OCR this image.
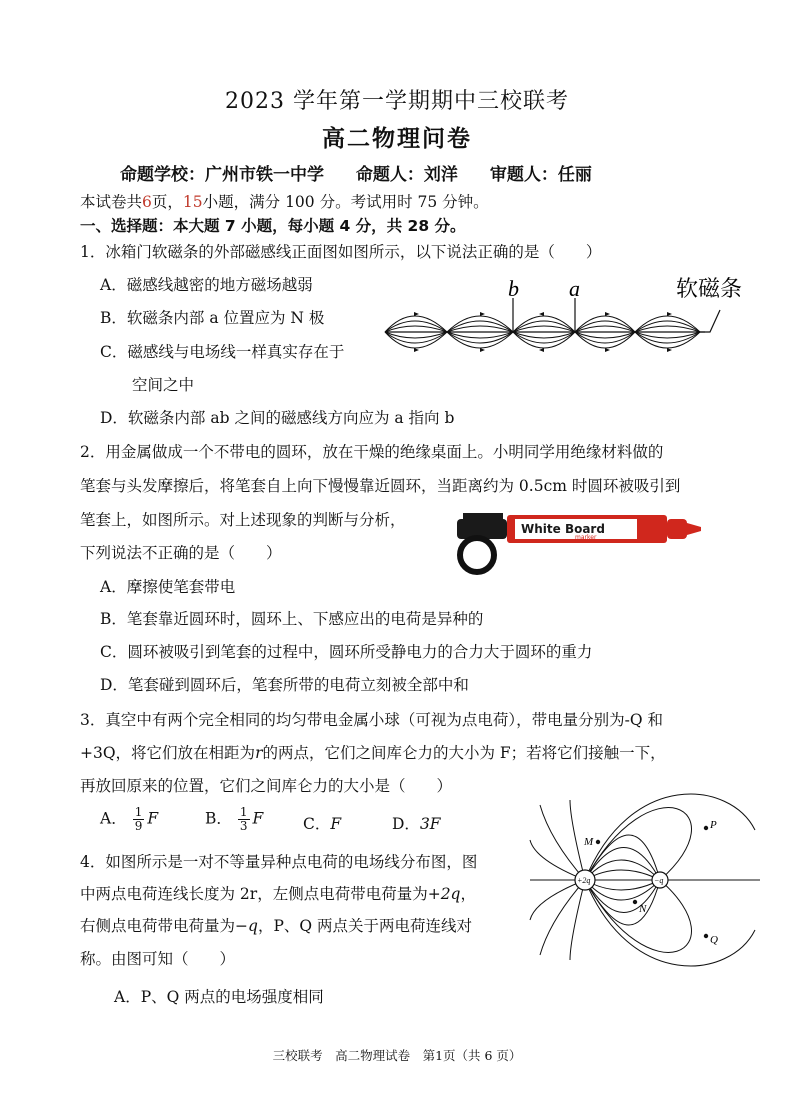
2023 学年第一学期期中三校联考
高二物理问卷
命题学校：广州市铁一中学 命题人：刘洋 审题人：任丽
本试卷共6页，15小题，满分 100 分。考试用时 75 分钟。
一、选择题：本大题 7 小题，每小题 4 分，共 28 分。
1．冰箱门软磁条的外部磁感线正面图如图所示，以下说法正确的是（　　）
A．磁感线越密的地方磁场越弱
B．软磁条内部 a 位置应为 N 极
C．磁感线与电场线一样真实存在于
空间之中
D．软磁条内部 ab 之间的磁感线方向应为 a 指向 b
b a	软磁条
2．用金属做成一个不带电的圆环，放在干燥的绝缘桌面上。小明同学用绝缘材料做的
笔套与头发摩擦后，将笔套自上向下慢慢靠近圆环，当距离约为 0.5cm 时圆环被吸引到
笔套上，如图所示。对上述现象的判断与分析，
下列说法不正确的是（　　）
White Board
marker
A．摩擦使笔套带电
B．笔套靠近圆环时，圆环上、下感应出的电荷是异种的
C．圆环被吸引到笔套的过程中，圆环所受静电力的合力大于圆环的重力
D．笔套碰到圆环后，笔套所带的电荷立刻被全部中和
3．真空中有两个完全相同的均匀带电金属小球（可视为点电荷），带电量分别为-Q 和
+3Q，将它们放在相距为r的两点，它们之间库仑力的大小为 F；若将它们接触一下，
再放回原来的位置，它们之间库仑力的大小是（　　）
A． $\frac{1}{9}$ F	B． $\frac{1}{3}$ F	C．F	D．3F
4．如图所示是一对不等量异种点电荷的电场线分布图，图
中两点电荷连线长度为 2r，左侧点电荷带电荷量为+2q，
右侧点电荷带电荷量为−q，P、Q 两点关于两电荷连线对
称。由图可知（　　）
A．P、Q 两点的电场强度相同
+2q	−q
M
N
P
Q
三校联考　高二物理试卷　第1页（共 6 页）
